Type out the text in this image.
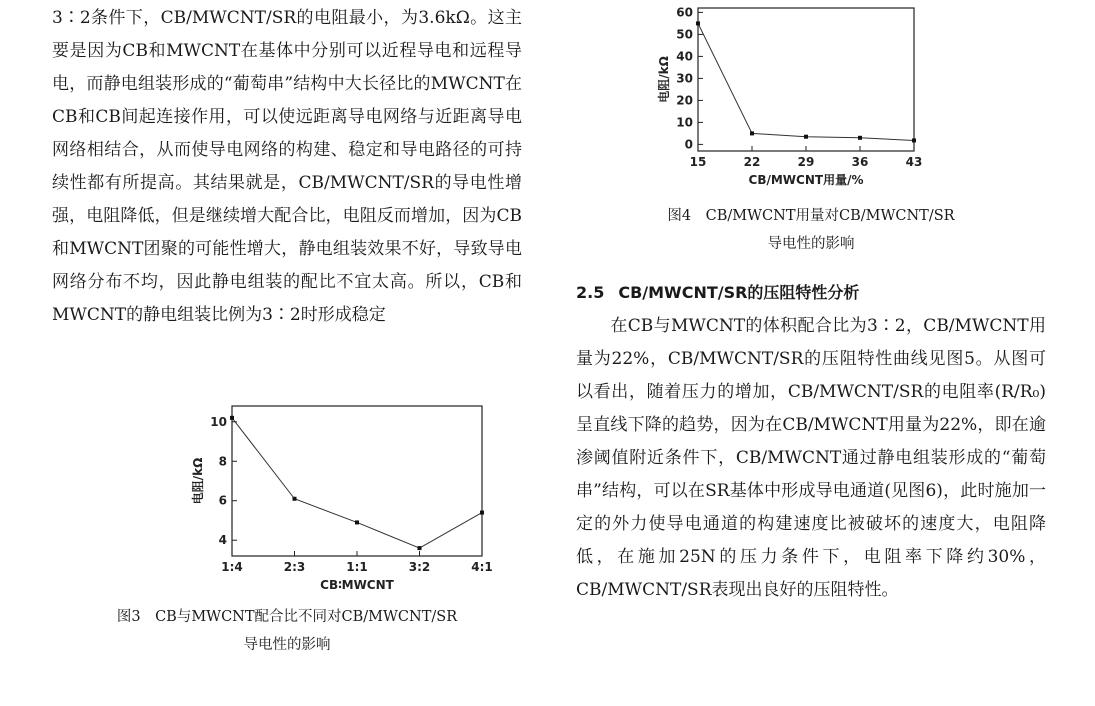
3∶2条件下，CB/MWCNT/SR的电阻最小，为3.6kΩ。这主要是因为CB和MWCNT在基体中分别可以近程导电和远程导电，而静电组装形成的“葡萄串”结构中大长径比的MWCNT在CB和CB间起连接作用，可以使远距离导电网络与近距离导电网络相结合，从而使导电网络的构建、稳定和导电路径的可持续性都有所提高。其结果就是，CB/MWCNT/SR的导电性增强，电阻降低，但是继续增大配合比，电阻反而增加，因为CB和MWCNT团聚的可能性增大，静电组装效果不好，导致导电网络分布不均，因此静电组装的配比不宜太高。所以，CB和MWCNT的静电组装比例为3∶2时形成稳定

4
6
8
10
1:4	2:3	1:1	3:2	4:1
CB∶MWCNT
电阻/kΩ
图3　CB与MWCNT配合比不同对CB/MWCNT/SR
导电性的影响
0
10
20
30
40
50
60
15	22	29	36	43
CB/MWCNT用量/%
电阻/kΩ
图4　CB/MWCNT用量对CB/MWCNT/SR
导电性的影响
2.5 CB/MWCNT/SR的压阻特性分析

在CB与MWCNT的体积配合比为3∶2，CB/MWCNT用量为22%，CB/MWCNT/SR的压阻特性曲线见图5。从图可以看出，随着压力的增加，CB/MWCNT/SR的电阻率(R/R₀)呈直线下降的趋势，因为在CB/MWCNT用量为22%，即在逾渗阈值附近条件下，CB/MWCNT通过静电组装形成的“葡萄串”结构，可以在SR基体中形成导电通道(见图6)，此时施加一定的外力使导电通道的构建速度比被破坏的速度大，电阻降低，在施加25N的压力条件下，电阻率下降约30%，CB/MWCNT/SR表现出良好的压阻特性。
